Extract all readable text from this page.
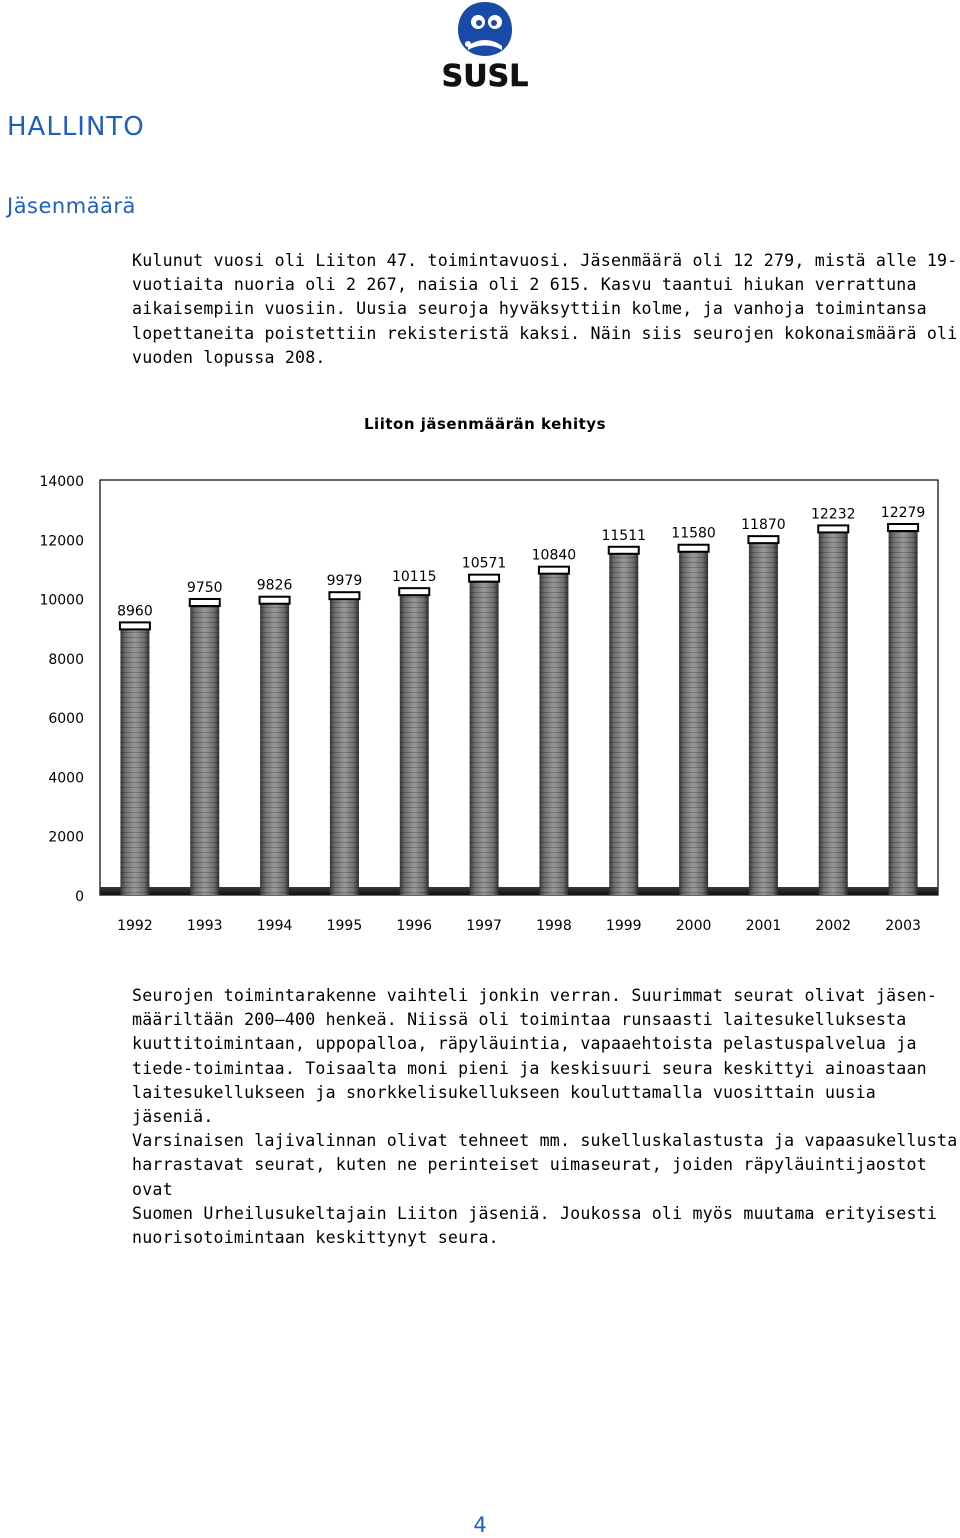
SUSL
HALLINTO
Jäsenmäärä
Kulunut vuosi oli Liiton 47. toimintavuosi. Jäsenmäärä oli 12 279, mistä alle 19-
vuotiaita nuoria oli 2 267, naisia oli 2 615. Kasvu taantui hiukan verrattuna
aikaisempiin vuosiin. Uusia seuroja hyväksyttiin kolme, ja vanhoja toimintansa
lopettaneita poistettiin rekisteristä kaksi. Näin siis seurojen kokonaismäärä oli
vuoden lopussa 208.
Liiton jäsenmäärän kehitys
0
2000
4000
6000
8000
10000
12000
14000
8960
9750 9826 9979 10115
10571 10840
11511 11580
11870
12232 12279
1992 1993 1994 1995 1996 1997 1998 1999 2000 2001 2002 2003
Seurojen toimintarakenne vaihteli jonkin verran. Suurimmat seurat olivat jäsen-
määriltään 200—400 henkeä. Niissä oli toimintaa runsaasti laitesukelluksesta
kuuttitoimintaan, uppopalloa, räpyläuintia, vapaaehtoista pelastuspalvelua ja
tiede-toimintaa. Toisaalta moni pieni ja keskisuuri seura keskittyi ainoastaan
laitesukellukseen ja snorkkelisukellukseen kouluttamalla vuosittain uusia jäseniä.
Varsinaisen lajivalinnan olivat tehneet mm. sukelluskalastusta ja vapaasukellusta
harrastavat seurat, kuten ne perinteiset uimaseurat, joiden räpyläuintijaostot ovat
Suomen Urheilusukeltajain Liiton jäseniä. Joukossa oli myös muutama erityisesti
nuorisotoimintaan keskittynyt seura.
4
